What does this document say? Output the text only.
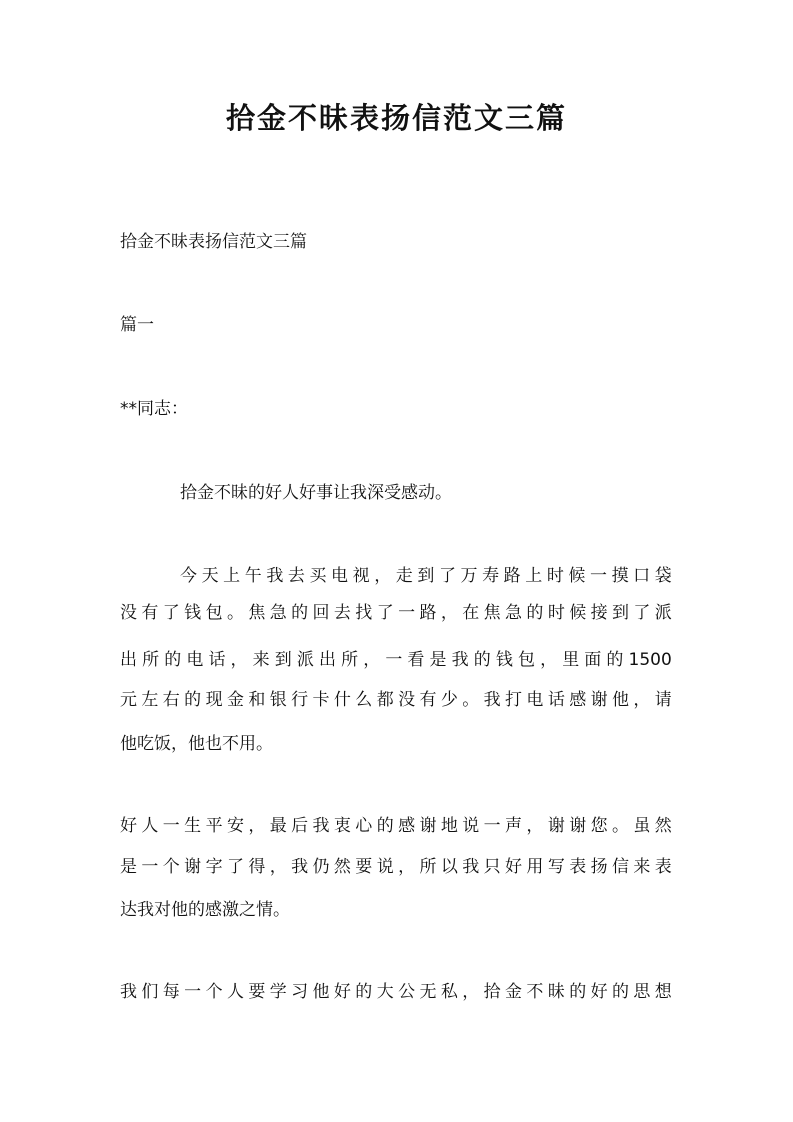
拾金不昧表扬信范文三篇
拾金不昧表扬信范文三篇
篇一
**同志：
拾金不昧的好人好事让我深受感动。
今 天 上 午 我 去 买 电 视 ， 走 到 了 万 寿 路 上 时 候 一 摸 口 袋
没 有 了 钱 包 。 焦 急 的 回 去 找 了 一 路 ， 在 焦 急 的 时 候 接 到 了 派
出 所 的 电 话 ， 来 到 派 出 所 ， 一 看 是 我 的 钱 包 ， 里 面 的 1500
元 左 右 的 现 金 和 银 行 卡 什 么 都 没 有 少 。 我 打 电 话 感 谢 他 ， 请
他吃饭，他也不用。
好 人 一 生 平 安 ， 最 后 我 衷 心 的 感 谢 地 说 一 声 ， 谢 谢 您 。 虽 然
是 一 个 谢 字 了 得 ， 我 仍 然 要 说 ， 所 以 我 只 好 用 写 表 扬 信 来 表
达我对他的感激之情。
我 们 每 一 个 人 要 学 习 他 好 的 大 公 无 私 ， 拾 金 不 昧 的 好 的 思 想
